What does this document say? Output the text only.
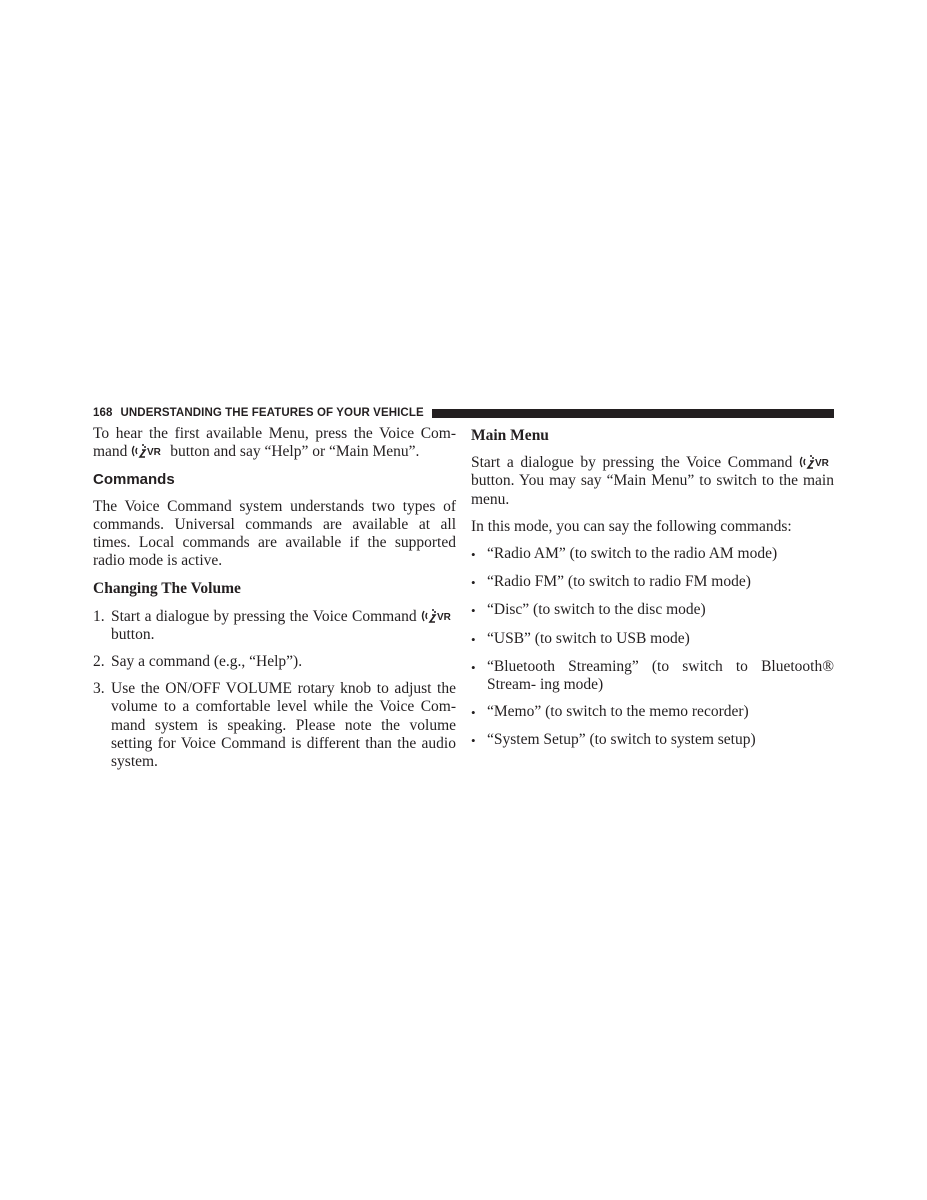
168 UNDERSTANDING THE FEATURES OF YOUR VEHICLE

To hear the first available Menu, press the Voice Com- mand VR button and say “Help” or “Main Menu”.

Commands

The Voice Command system understands two types of commands. Universal commands are available at all times. Local commands are available if the supported radio mode is active.

Changing The Volume
1. Start a dialogue by pressing the Voice Command VR
button.
2. Say a command (e.g., “Help”).
3. Use the ON/OFF VOLUME rotary knob to adjust the volume to a comfortable level while the Voice Com- mand system is speaking. Please note the volume setting for Voice Command is different than the audio system.
Main Menu

Start a dialogue by pressing the Voice Command VR
button. You may say “Main Menu” to switch to the main menu.

In this mode, you can say the following commands:

• “Radio AM” (to switch to the radio AM mode)
• “Radio FM” (to switch to radio FM mode)
• “Disc” (to switch to the disc mode)
• “USB” (to switch to USB mode)
• “Bluetooth Streaming” (to switch to Bluetooth® Stream- ing mode)
• “Memo” (to switch to the memo recorder)
• “System Setup” (to switch to system setup)
